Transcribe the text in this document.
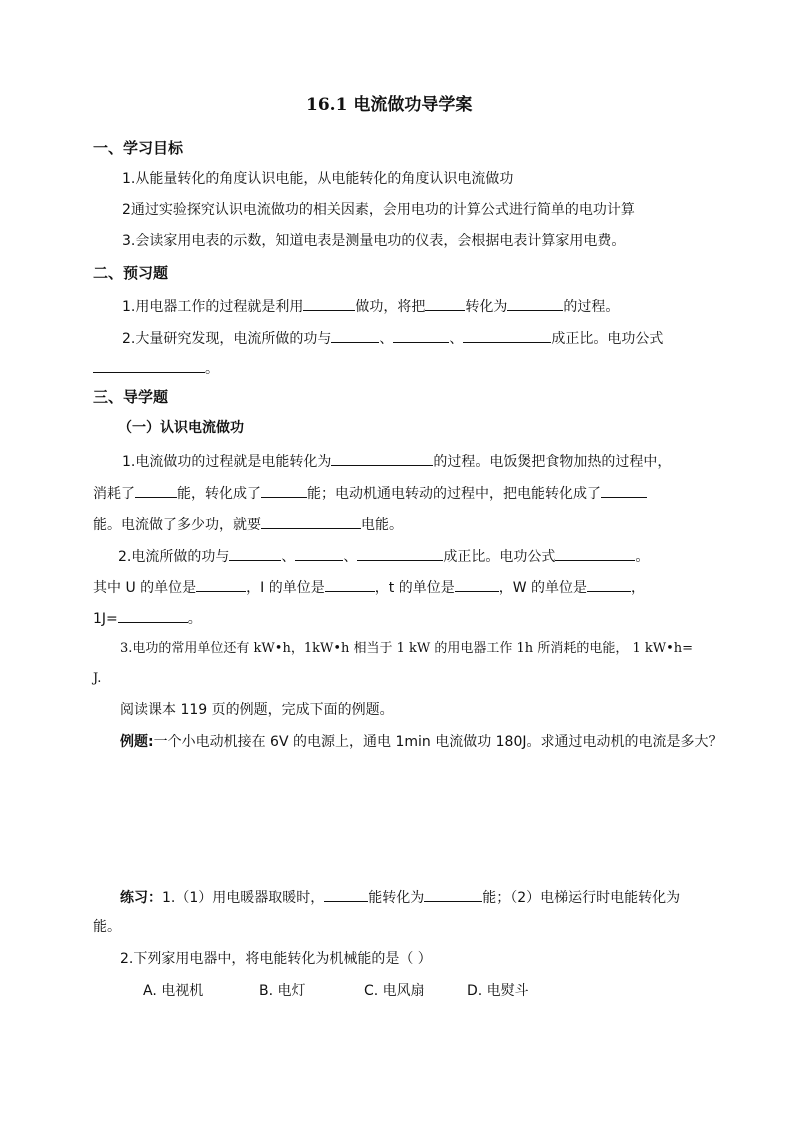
16.1 电流做功导学案
一、学习目标
1.从能量转化的角度认识电能，从电能转化的角度认识电流做功
2通过实验探究认识电流做功的相关因素，会用电功的计算公式进行简单的电功计算
3.会读家用电表的示数，知道电表是测量电功的仪表，会根据电表计算家用电费。
二、预习题
1.用电器工作的过程就是利用	做功，将把	转化为	的过程。
2.大量研究发现，电流所做的功与	、	、	成正比。电功公式
。
三、导学题
（一）认识电流做功
1.电流做功的过程就是电能转化为	的过程。电饭煲把食物加热的过程中，
消耗了	能，转化成了	能；电动机通电转动的过程中，把电能转化成了
能。电流做了多少功，就要	电能。
2.电流所做的功与	、	、	成正比。电功公式	。
其中 U 的单位是	，I 的单位是	，t 的单位是	，W 的单位是	，
1J=	。
3.电功的常用单位还有 kW•h，1kW•h 相当于 1 kW 的用电器工作 1h 所消耗的电能， 1 kW•h=
J.
阅读课本 119 页的例题，完成下面的例题。
例题:一个小电动机接在 6V 的电源上，通电 1min 电流做功 180J。求通过电动机的电流是多大？
练习：1.（1）用电暖器取暖时，	能转化为	能；（2）电梯运行时电能转化为
能。
2.下列家用电器中，将电能转化为机械能的是（ ）
A. 电视机	B. 电灯	C. 电风扇	D. 电熨斗
